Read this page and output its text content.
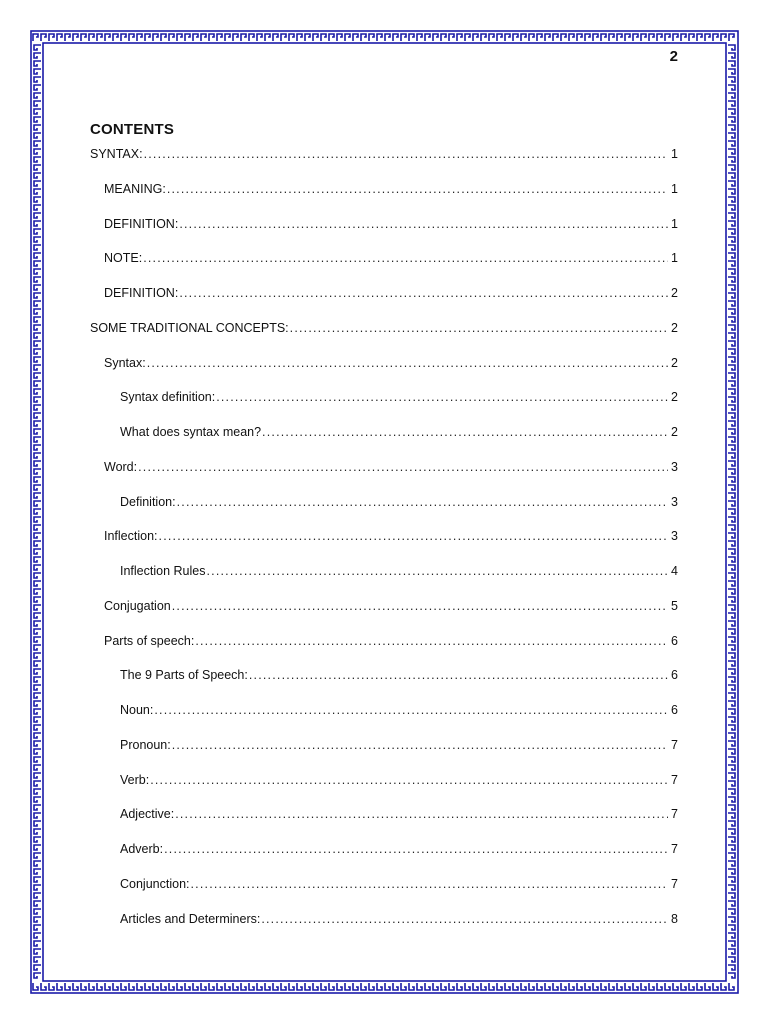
2
CONTENTS
SYNTAX: .....	1
MEANING: .....	1
DEFINITION: .....	1
NOTE: .....	1
DEFINITION: .....	2
SOME TRADITIONAL CONCEPTS: .....	2
Syntax: .....	2
Syntax definition: .....	2
What does syntax mean? .....	2
Word: .....	3
Definition: .....	3
Inflection: .....	3
Inflection Rules .....	4
Conjugation .....	5
Parts of speech: .....	6
The 9 Parts of Speech: .....	6
Noun: .....	6
Pronoun: .....	7
Verb: .....	7
Adjective: .....	7
Adverb: .....	7
Conjunction: .....	7
Articles and Determiners: .....	8
